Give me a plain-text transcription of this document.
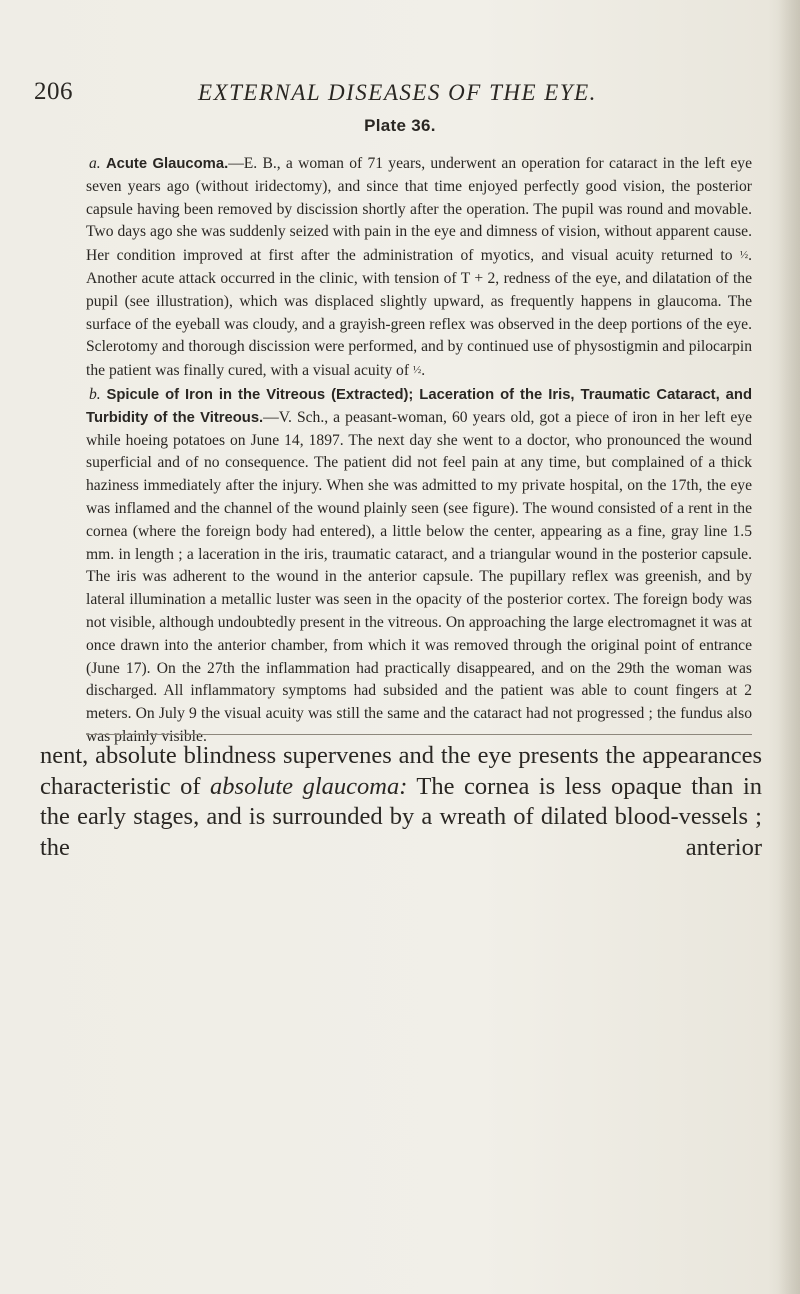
206	EXTERNAL DISEASES OF THE EYE.
Plate 36.

a. Acute Glaucoma.—E. B., a woman of 71 years, underwent an operation for cataract in the left eye seven years ago (without iridectomy), and since that time enjoyed perfectly good vision, the posterior capsule having been removed by discission shortly after the operation. The pupil was round and movable. Two days ago she was suddenly seized with pain in the eye and dimness of vision, without apparent cause. Her condition improved at first after the administration of myotics, and visual acuity returned to ½. Another acute attack occurred in the clinic, with tension of T + 2, redness of the eye, and dilatation of the pupil (see illustration), which was displaced slightly upward, as frequently happens in glaucoma. The surface of the eyeball was cloudy, and a grayish-green reflex was observed in the deep portions of the eye. Sclerotomy and thorough discission were performed, and by continued use of physostigmin and pilocarpin the patient was finally cured, with a visual acuity of ½.

b. Spicule of Iron in the Vitreous (Extracted); Laceration of the Iris, Traumatic Cataract, and Turbidity of the Vitreous.—V. Sch., a peasant-woman, 60 years old, got a piece of iron in her left eye while hoeing potatoes on June 14, 1897. The next day she went to a doctor, who pronounced the wound superficial and of no consequence. The patient did not feel pain at any time, but complained of a thick haziness immediately after the injury. When she was admitted to my private hospital, on the 17th, the eye was inflamed and the channel of the wound plainly seen (see figure). The wound consisted of a rent in the cornea (where the foreign body had entered), a little below the center, appearing as a fine, gray line 1.5 mm. in length ; a laceration in the iris, traumatic cataract, and a triangular wound in the posterior capsule. The iris was adherent to the wound in the anterior capsule. The pupillary reflex was greenish, and by lateral illumination a metallic luster was seen in the opacity of the posterior cortex. The foreign body was not visible, although undoubtedly present in the vitreous. On approaching the large electromagnet it was at once drawn into the anterior chamber, from which it was removed through the original point of entrance (June 17). On the 27th the inflammation had practically disappeared, and on the 29th the woman was discharged. All inflammatory symptoms had subsided and the patient was able to count fingers at 2 meters. On July 9 the visual acuity was still the same and the cataract had not progressed ; the fundus also was plainly visible.

nent, absolute blindness supervenes and the eye presents the appearances characteristic of absolute glaucoma: The cornea is less opaque than in the early stages, and is surrounded by a wreath of dilated blood-vessels ; the anterior
